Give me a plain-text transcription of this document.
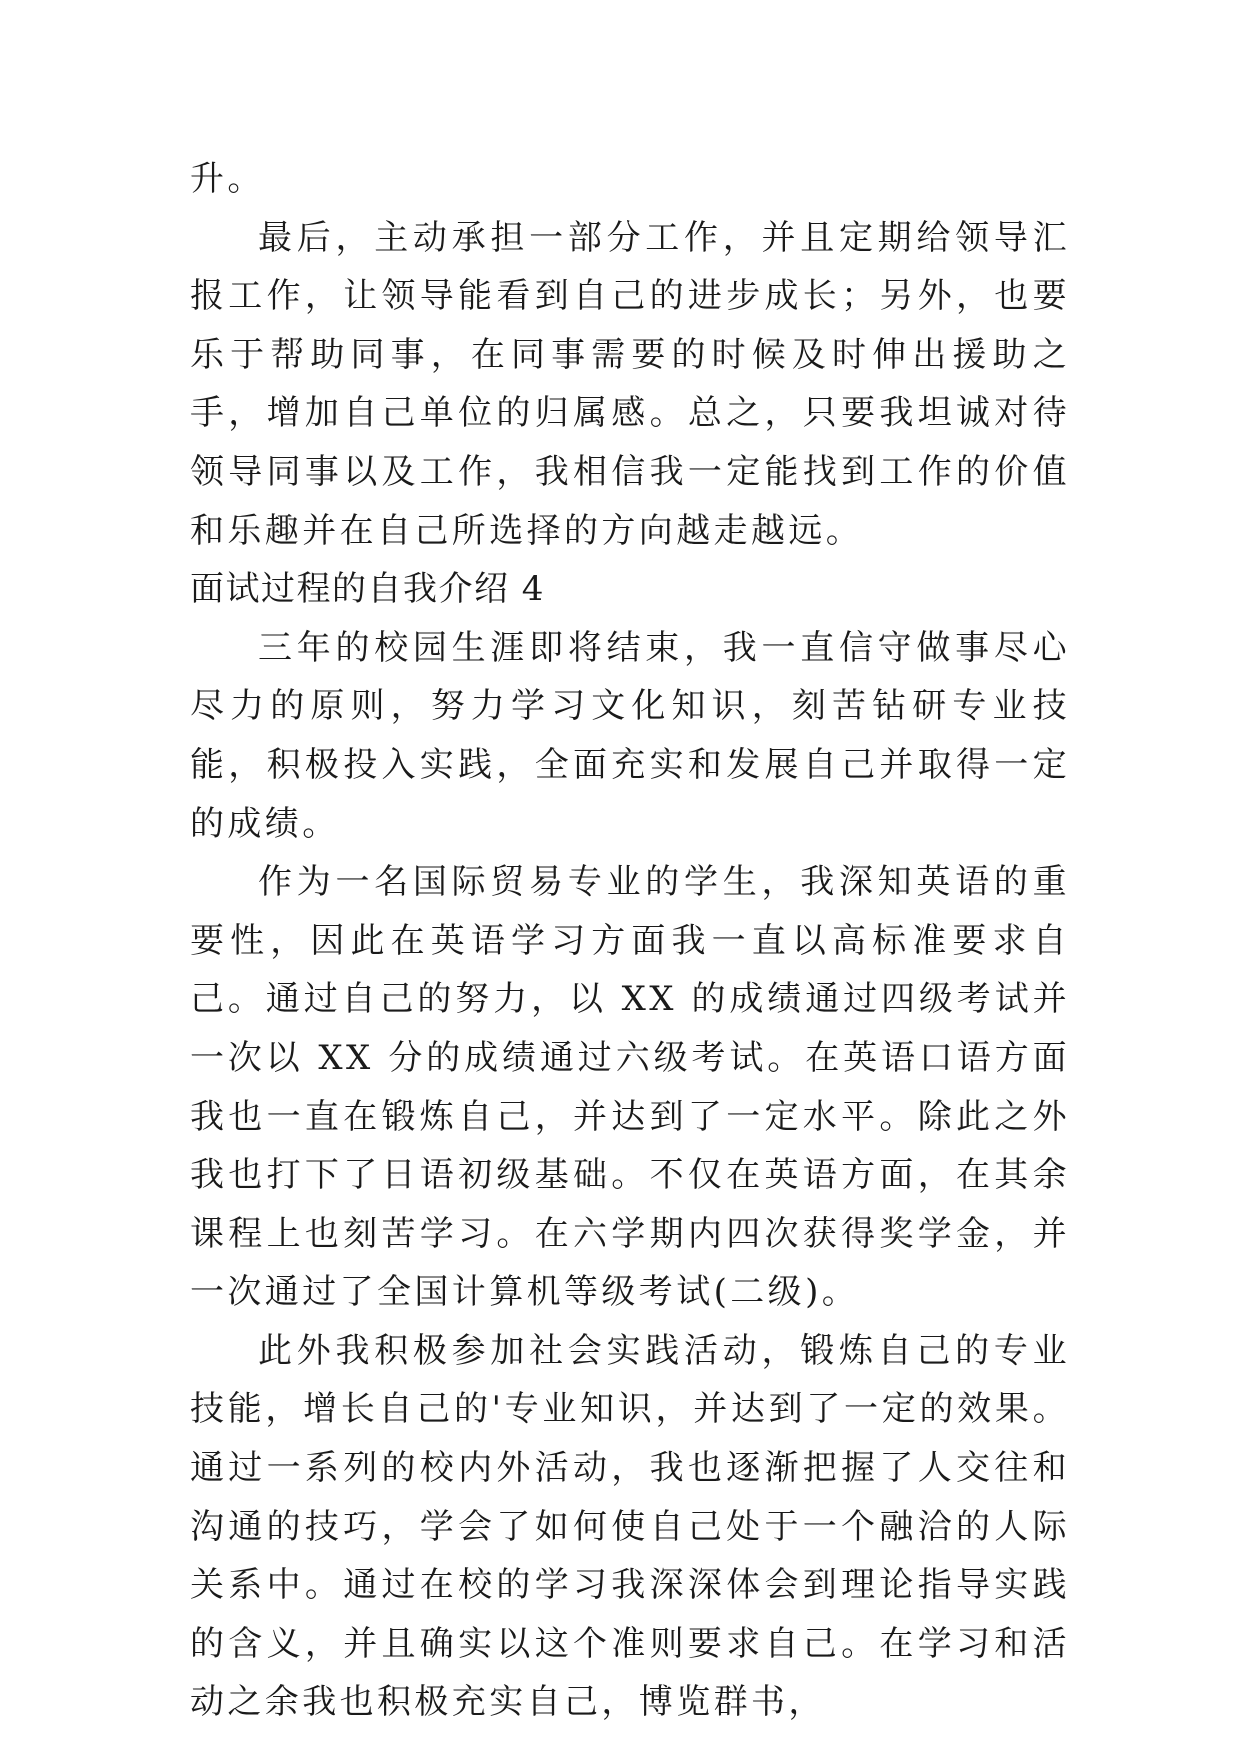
升。

最后，主动承担一部分工作，并且定期给领导汇报工作，让领导能看到自己的进步成长；另外，也要乐于帮助同事，在同事需要的时候及时伸出援助之手，增加自己单位的归属感。总之，只要我坦诚对待领导同事以及工作，我相信我一定能找到工作的价值和乐趣并在自己所选择的方向越走越远。

面试过程的自我介绍 4

三年的校园生涯即将结束，我一直信守做事尽心尽力的原则，努力学习文化知识，刻苦钻研专业技能，积极投入实践，全面充实和发展自己并取得一定的成绩。

作为一名国际贸易专业的学生，我深知英语的重要性，因此在英语学习方面我一直以高标准要求自己。通过自己的努力，以 XX 的成绩通过四级考试并一次以 XX 分的成绩通过六级考试。在英语口语方面我也一直在锻炼自己，并达到了一定水平。除此之外我也打下了日语初级基础。不仅在英语方面，在其余课程上也刻苦学习。在六学期内四次获得奖学金，并一次通过了全国计算机等级考试(二级)。

此外我积极参加社会实践活动，锻炼自己的专业技能，增长自己的'专业知识，并达到了一定的效果。通过一系列的校内外活动，我也逐渐把握了人交往和沟通的技巧，学会了如何使自己处于一个融洽的人际关系中。通过在校的学习我深深体会到理论指导实践的含义，并且确实以这个准则要求自己。在学习和活动之余我也积极充实自己，博览群书，
